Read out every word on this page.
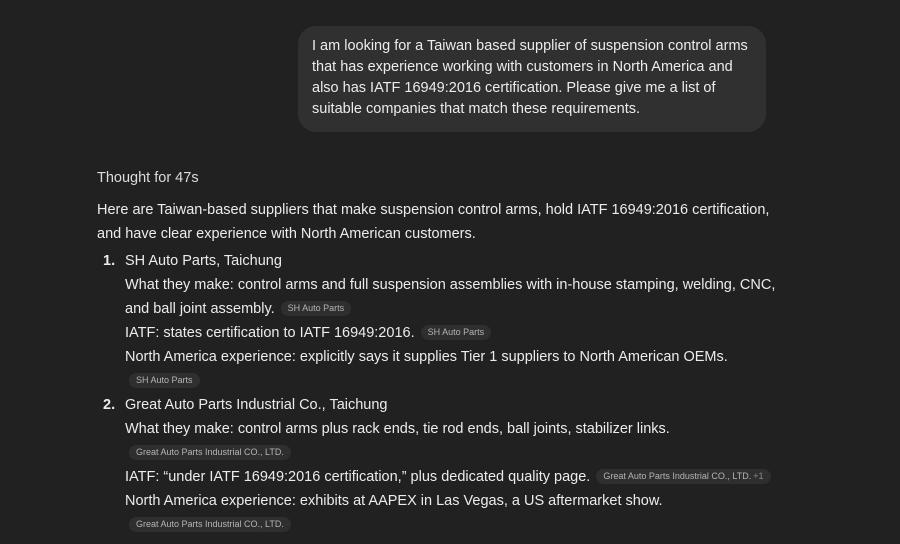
I am looking for a Taiwan based supplier of suspension control arms that has experience working with customers in North America and also has IATF 16949:2016 certification. Please give me a list of suitable companies that match these requirements.
Thought for 47s

Here are Taiwan-based suppliers that make suspension control arms, hold IATF 16949:2016 certification, and have clear experience with North American customers.

1. SH Auto Parts, Taichung
What they make: control arms and full suspension assemblies with in-house stamping, welding, CNC, and ball joint assembly. SH Auto Parts
IATF: states certification to IATF 16949:2016. SH Auto Parts
North America experience: explicitly says it supplies Tier 1 suppliers to North American OEMs.
SH Auto Parts
2. Great Auto Parts Industrial Co., Taichung
What they make: control arms plus rack ends, tie rod ends, ball joints, stabilizer links.
Great Auto Parts Industrial CO., LTD.
IATF: “under IATF 16949:2016 certification,” plus dedicated quality page. Great Auto Parts Industrial CO., LTD. +1
North America experience: exhibits at AAPEX in Las Vegas, a US aftermarket show.
Great Auto Parts Industrial CO., LTD.
